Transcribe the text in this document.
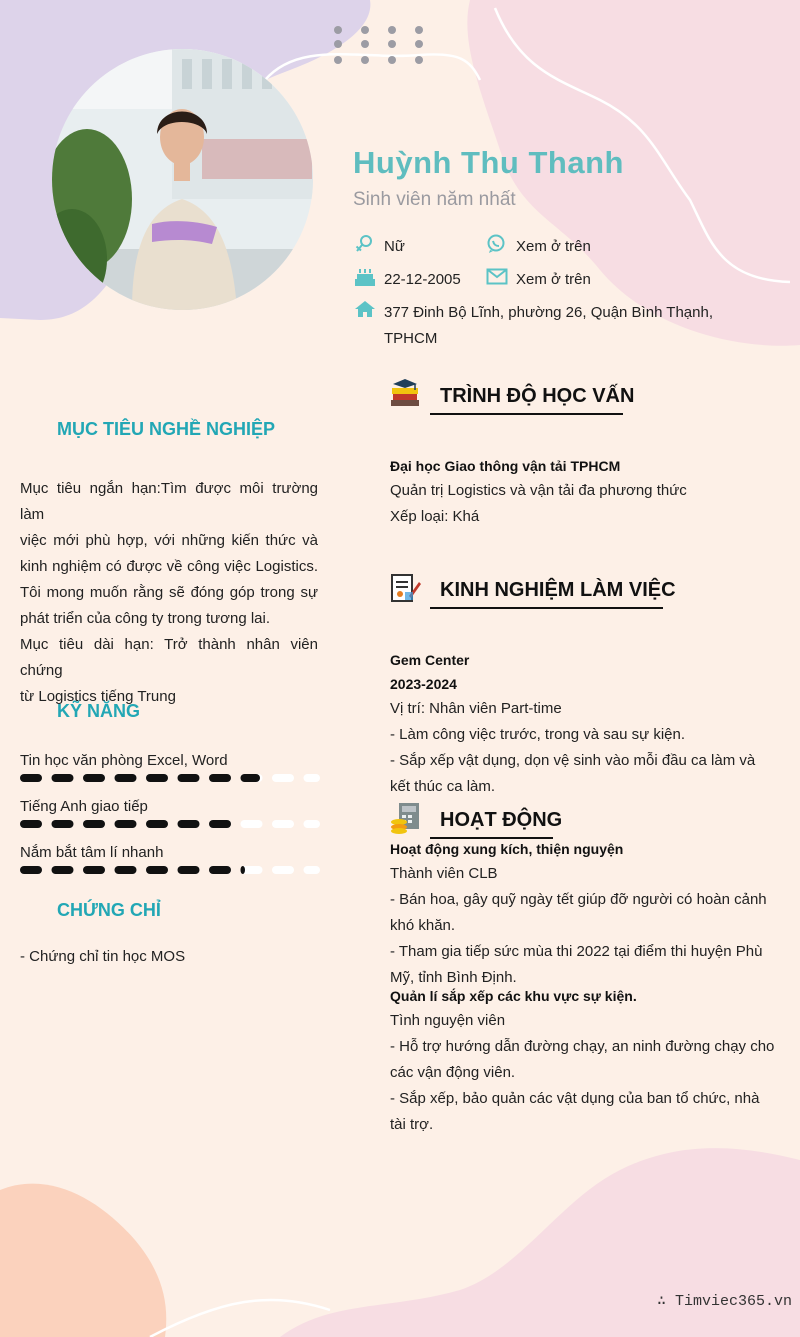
Huỳnh Thu Thanh
Sinh viên năm nhất
Nữ	Xem ở trên
22-12-2005	Xem ở trên
377 Đinh Bộ Lĩnh, phường 26, Quận Bình Thạnh,
TPHCM
MỤC TIÊU NGHỀ NGHIỆP
Mục tiêu ngắn hạn:Tìm được môi trường làm
việc mới phù hợp, với những kiến thức và
kinh nghiệm có được về công việc Logistics.
Tôi mong muốn rằng sẽ đóng góp trong sự
phát triển của công ty trong tương lai.
Mục tiêu dài hạn: Trở thành nhân viên chứng
từ Logistics tiếng Trung
KỸ NĂNG
Tin học văn phòng Excel, Word
Tiếng Anh giao tiếp
Nắm bắt tâm lí nhanh
CHỨNG CHỈ
- Chứng chỉ tin học MOS
TRÌNH ĐỘ HỌC VẤN
Đại học Giao thông vận tải TPHCM
Quản trị Logistics và vận tải đa phương thức
Xếp loại: Khá
KINH NGHIỆM LÀM VIỆC
Gem Center
2023-2024
Vị trí: Nhân viên Part-time
- Làm công việc trước, trong và sau sự kiện.
- Sắp xếp vật dụng, dọn vệ sinh vào mỗi đầu ca làm và
kết thúc ca làm.
HOẠT ĐỘNG
Hoạt động xung kích, thiện nguyện
Thành viên CLB
- Bán hoa, gây quỹ ngày tết giúp đỡ người có hoàn cảnh
khó khăn.
- Tham gia tiếp sức mùa thi 2022 tại điểm thi huyện Phù
Mỹ, tỉnh Bình Định.
Quản lí sắp xếp các khu vực sự kiện.
Tình nguyện viên
- Hỗ trợ hướng dẫn đường chạy, an ninh đường chạy cho
các vận động viên.
- Sắp xếp, bảo quản các vật dụng của ban tổ chức, nhà
tài trợ.
∴ Timviec365.vn
